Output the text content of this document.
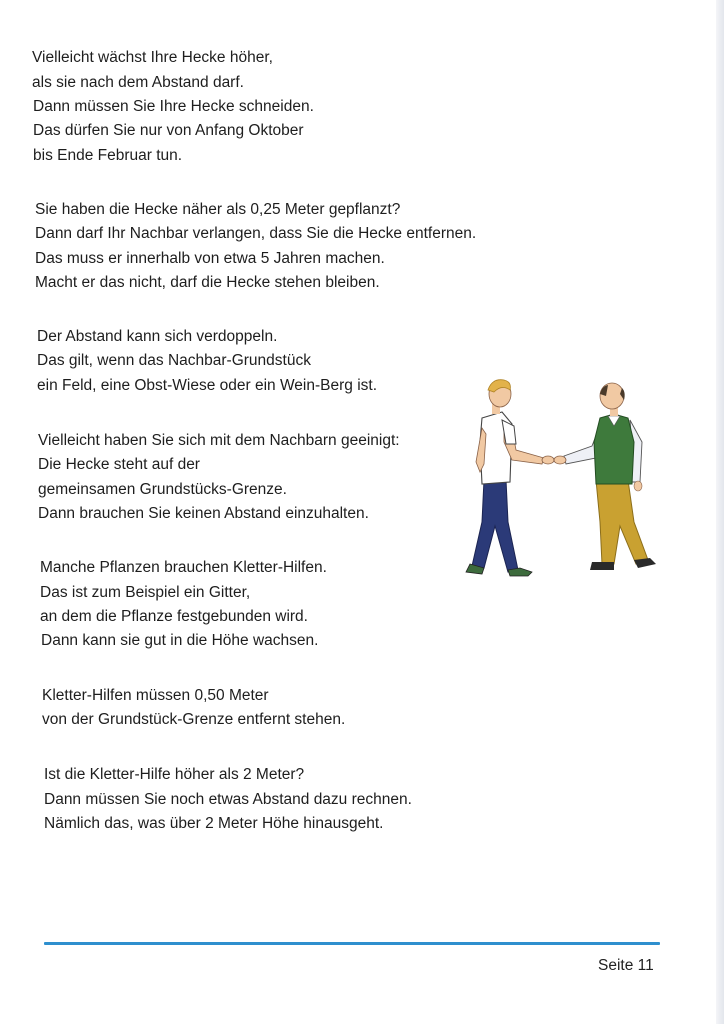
Vielleicht wächst Ihre Hecke höher,
als sie nach dem Abstand darf.
Dann müssen Sie Ihre Hecke schneiden.
Das dürfen Sie nur von Anfang Oktober
bis Ende Februar tun.
Sie haben die Hecke näher als 0,25 Meter gepflanzt?
Dann darf Ihr Nachbar verlangen, dass Sie die Hecke entfernen.
Das muss er innerhalb von etwa 5 Jahren machen.
Macht er das nicht, darf die Hecke stehen bleiben.
Der Abstand kann sich verdoppeln.
Das gilt, wenn das Nachbar-Grundstück
ein Feld, eine Obst-Wiese oder ein Wein-Berg ist.
Vielleicht haben Sie sich mit dem Nachbarn geeinigt:
Die Hecke steht auf der
gemeinsamen Grundstücks-Grenze.
Dann brauchen Sie keinen Abstand einzuhalten.
Manche Pflanzen brauchen Kletter-Hilfen.
Das ist zum Beispiel ein Gitter,
an dem die Pflanze festgebunden wird.
Dann kann sie gut in die Höhe wachsen.
Kletter-Hilfen müssen 0,50 Meter
von der Grundstück-Grenze entfernt stehen.
Ist die Kletter-Hilfe höher als 2 Meter?
Dann müssen Sie noch etwas Abstand dazu rechnen.
Nämlich das, was über 2 Meter Höhe hinausgeht.
Seite 11
